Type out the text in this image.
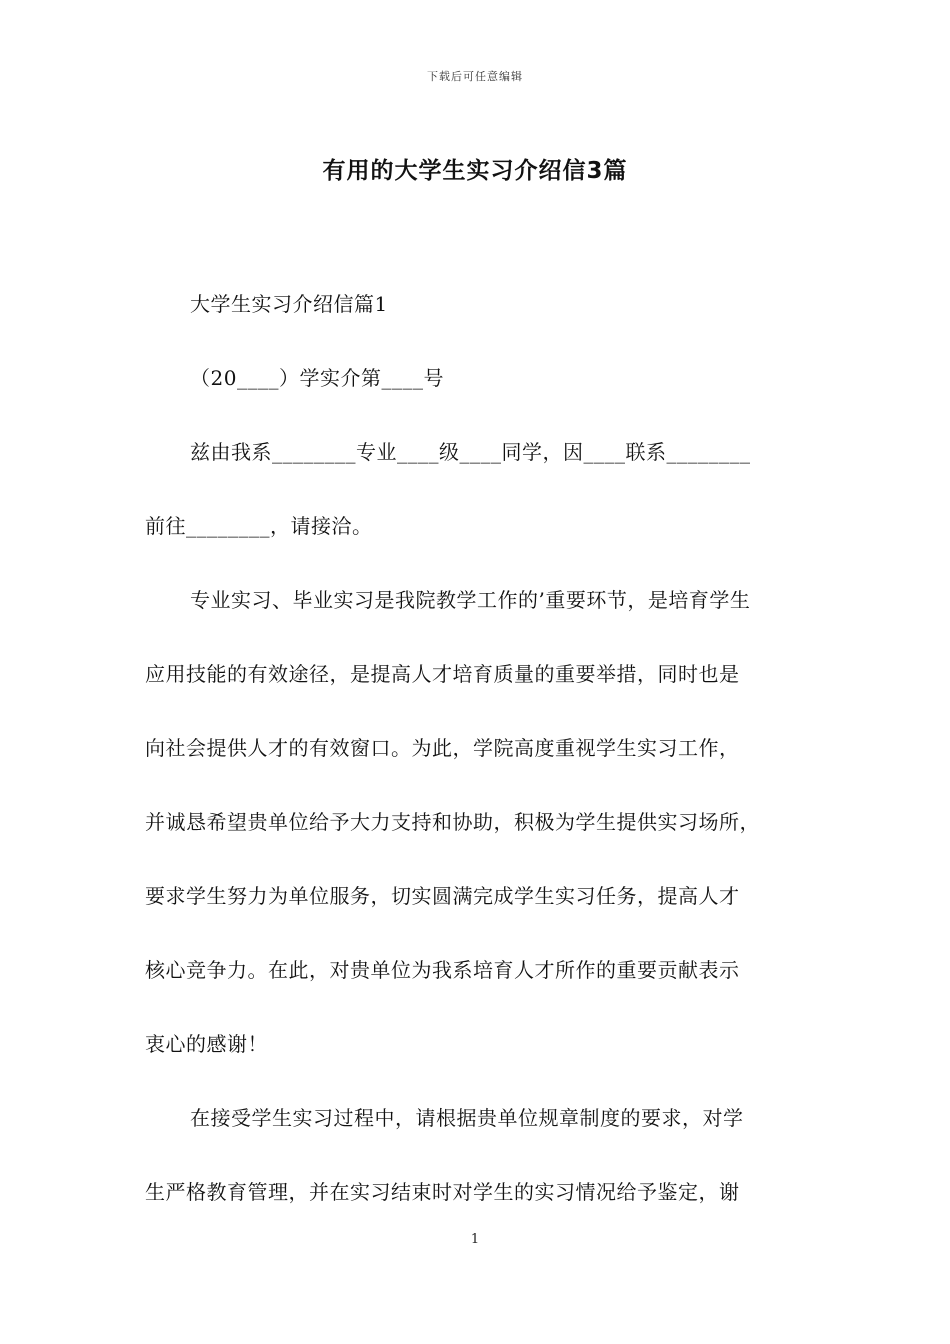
下载后可任意编辑
有用的大学生实习介绍信3篇
大学生实习介绍信篇1
（20____）学实介第____号
兹由我系________专业____级____同学，因____联系________
前往________，请接洽。
专业实习、毕业实习是我院教学工作的’重要环节，是培育学生
应用技能的有效途径，是提高人才培育质量的重要举措，同时也是
向社会提供人才的有效窗口。为此，学院高度重视学生实习工作，
并诚恳希望贵单位给予大力支持和协助，积极为学生提供实习场所，
要求学生努力为单位服务，切实圆满完成学生实习任务，提高人才
核心竞争力。在此，对贵单位为我系培育人才所作的重要贡献表示
衷心的感谢！
在接受学生实习过程中，请根据贵单位规章制度的要求，对学
生严格教育管理，并在实习结束时对学生的实习情况给予鉴定，谢
1
